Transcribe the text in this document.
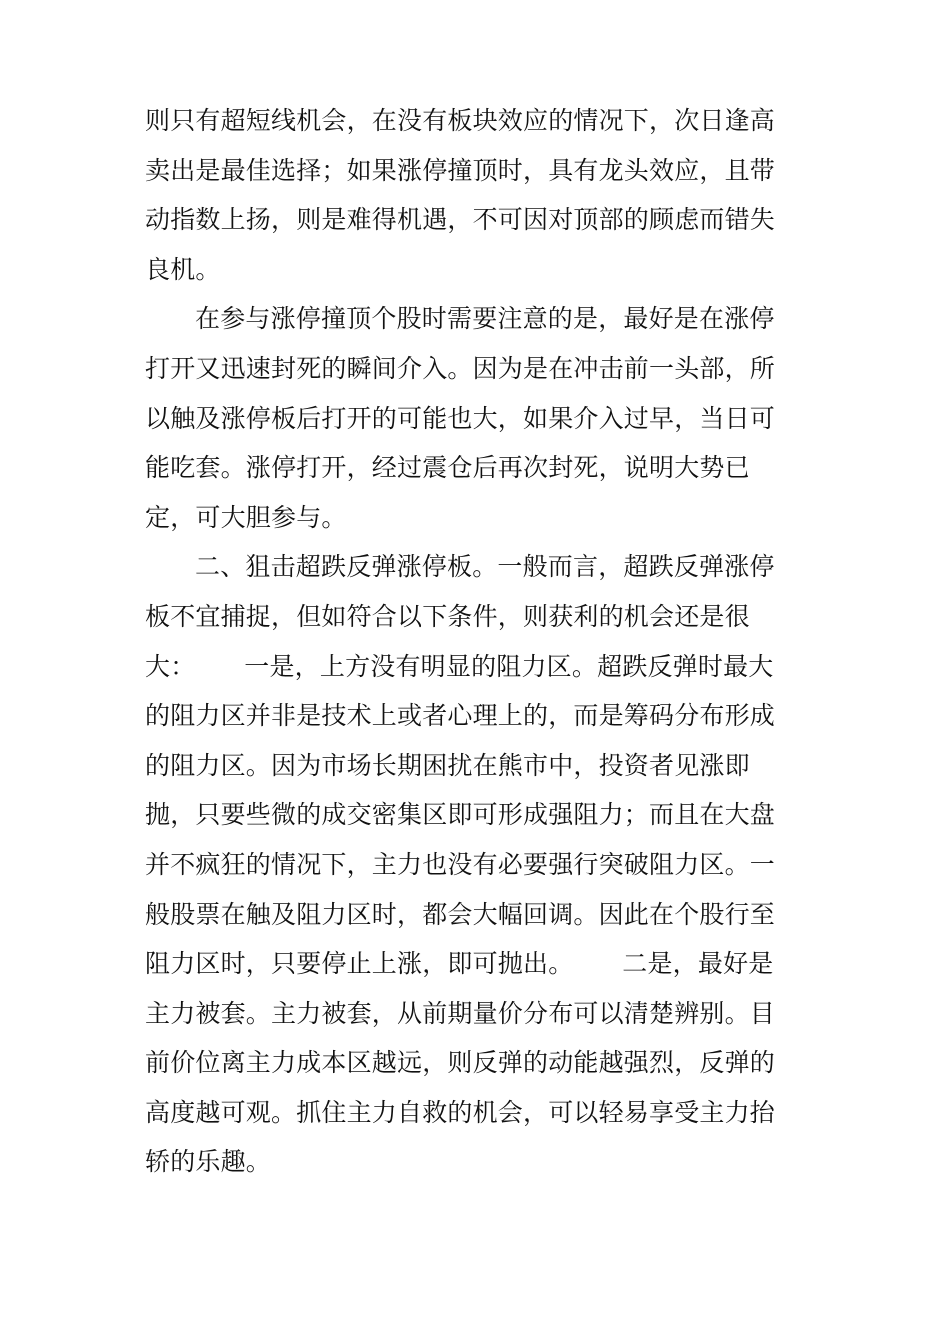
则只有超短线机会，在没有板块效应的情况下，次日逢高
卖出是最佳选择；如果涨停撞顶时，具有龙头效应，且带
动指数上扬，则是难得机遇，不可因对顶部的顾虑而错失
良机。
在参与涨停撞顶个股时需要注意的是，最好是在涨停
打开又迅速封死的瞬间介入。因为是在冲击前一头部，所
以触及涨停板后打开的可能也大，如果介入过早，当日可
能吃套。涨停打开，经过震仓后再次封死，说明大势已
定，可大胆参与。
二、狙击超跌反弹涨停板。一般而言，超跌反弹涨停
板不宜捕捉，但如符合以下条件，则获利的机会还是很
大：      一是，上方没有明显的阻力区。超跌反弹时最大
的阻力区并非是技术上或者心理上的，而是筹码分布形成
的阻力区。因为市场长期困扰在熊市中，投资者见涨即
抛，只要些微的成交密集区即可形成强阻力；而且在大盘
并不疯狂的情况下，主力也没有必要强行突破阻力区。一
般股票在触及阻力区时，都会大幅回调。因此在个股行至
阻力区时，只要停止上涨，即可抛出。      二是，最好是
主力被套。主力被套，从前期量价分布可以清楚辨别。目
前价位离主力成本区越远，则反弹的动能越强烈，反弹的
高度越可观。抓住主力自救的机会，可以轻易享受主力抬
轿的乐趣。
